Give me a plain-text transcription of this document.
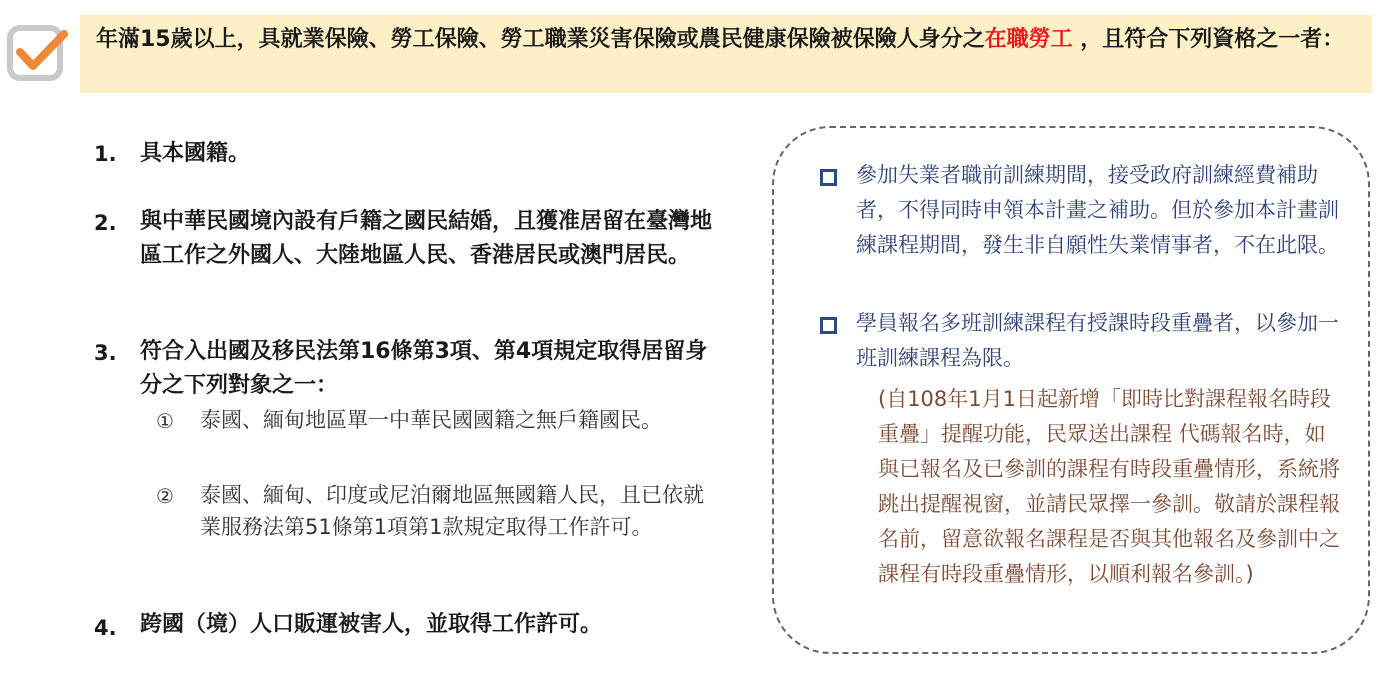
年滿15歲以上，具就業保險、勞工保險、勞工職業災害保險或農民健康保險被保險人身分之在職勞工 ，且符合下列資格之一者：
1. 具本國籍。
2. 與中華民國境內設有戶籍之國民結婚，且獲准居留在臺灣地區工作之外國人、大陸地區人民、香港居民或澳門居民。
3. 符合入出國及移民法第16條第3項、第4項規定取得居留身分之下列對象之一：
① 泰國、緬甸地區單一中華民國國籍之無戶籍國民。
② 泰國、緬甸、印度或尼泊爾地區無國籍人民，且已依就業服務法第51條第1項第1款規定取得工作許可。
4. 跨國（境）人口販運被害人，並取得工作許可。
參加失業者職前訓練期間，接受政府訓練經費補助者，不得同時申領本計畫之補助。但於參加本計畫訓練課程期間，發生非自願性失業情事者，不在此限。
學員報名多班訓練課程有授課時段重疊者，以參加一班訓練課程為限。
(自108年1月1日起新增「即時比對課程報名時段重疊」提醒功能，民眾送出課程 代碼報名時，如與已報名及已參訓的課程有時段重疊情形，系統將跳出提醒視窗，並請民眾擇一參訓。敬請於課程報名前，留意欲報名課程是否與其他報名及參訓中之課程有時段重疊情形，以順利報名參訓。)
